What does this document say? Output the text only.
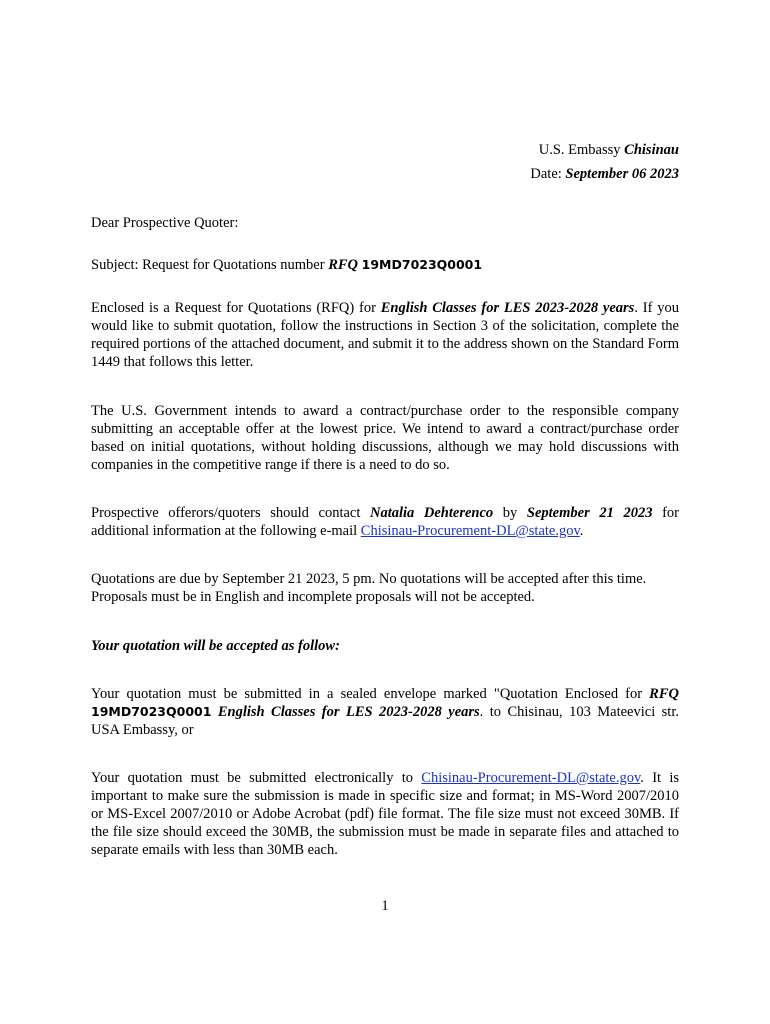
U.S. Embassy Chisinau
Date: September 06 2023
Dear Prospective Quoter:
Subject: Request for Quotations number RFQ 19MD7023Q0001
Enclosed is a Request for Quotations (RFQ) for English Classes for LES 2023-2028 years. If you would like to submit quotation, follow the instructions in Section 3 of the solicitation, complete the required portions of the attached document, and submit it to the address shown on the Standard Form 1449 that follows this letter.
The U.S. Government intends to award a contract/purchase order to the responsible company submitting an acceptable offer at the lowest price. We intend to award a contract/purchase order based on initial quotations, without holding discussions, although we may hold discussions with companies in the competitive range if there is a need to do so.
Prospective offerors/quoters should contact Natalia Dehterenco by September 21 2023 for additional information at the following e-mail Chisinau-Procurement-DL@state.gov.
Quotations are due by September 21 2023, 5 pm. No quotations will be accepted after this time. Proposals must be in English and incomplete proposals will not be accepted.
Your quotation will be accepted as follow:
Your quotation must be submitted in a sealed envelope marked "Quotation Enclosed for RFQ 19MD7023Q0001 English Classes for LES 2023-2028 years. to Chisinau, 103 Mateevici str. USA Embassy, or
Your quotation must be submitted electronically to Chisinau-Procurement-DL@state.gov. It is important to make sure the submission is made in specific size and format; in MS-Word 2007/2010 or MS-Excel 2007/2010 or Adobe Acrobat (pdf) file format. The file size must not exceed 30MB. If the file size should exceed the 30MB, the submission must be made in separate files and attached to separate emails with less than 30MB each.
1
